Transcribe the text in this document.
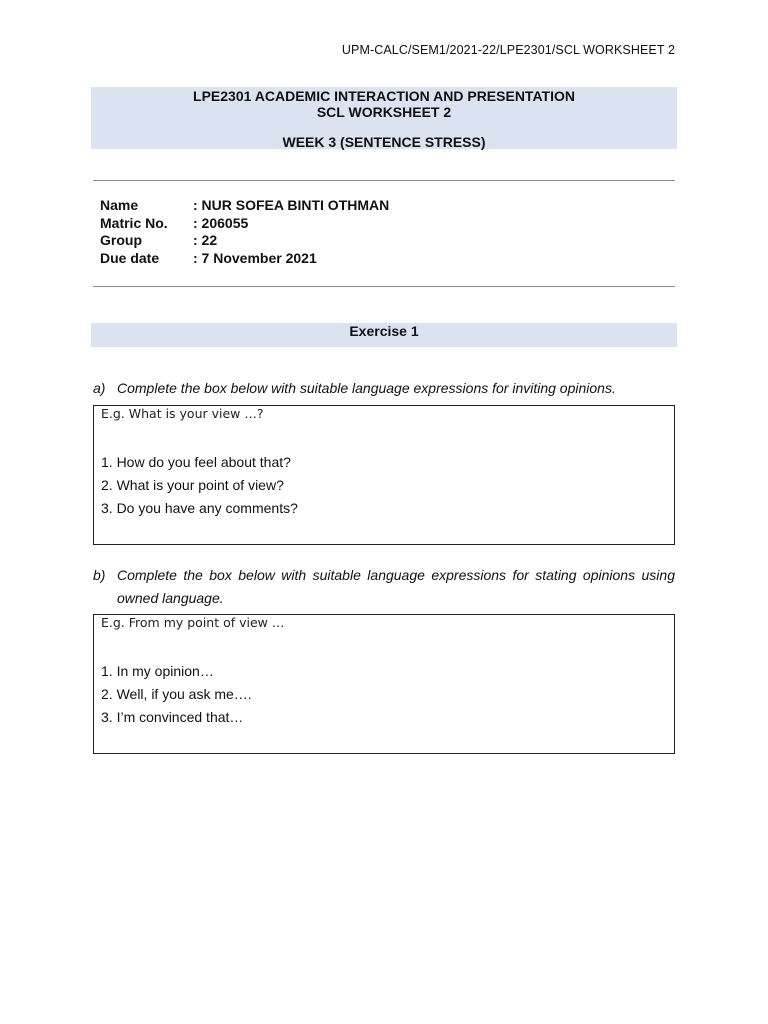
UPM-CALC/SEM1/2021-22/LPE2301/SCL WORKSHEET 2
LPE2301 ACADEMIC INTERACTION AND PRESENTATION
SCL WORKSHEET 2
WEEK 3 (SENTENCE STRESS)
Name	: NUR SOFEA BINTI OTHMAN
Matric No.	: 206055
Group	: 22
Due date	: 7 November 2021
Exercise 1
a) Complete the box below with suitable language expressions for inviting opinions.
E.g. What is your view …?
1. How do you feel about that?
2. What is your point of view?
3. Do you have any comments?
b) Complete the box below with suitable language expressions for stating opinions using owned language.
E.g. From my point of view …
1. In my opinion…
2. Well, if you ask me….
3. I’m convinced that…
